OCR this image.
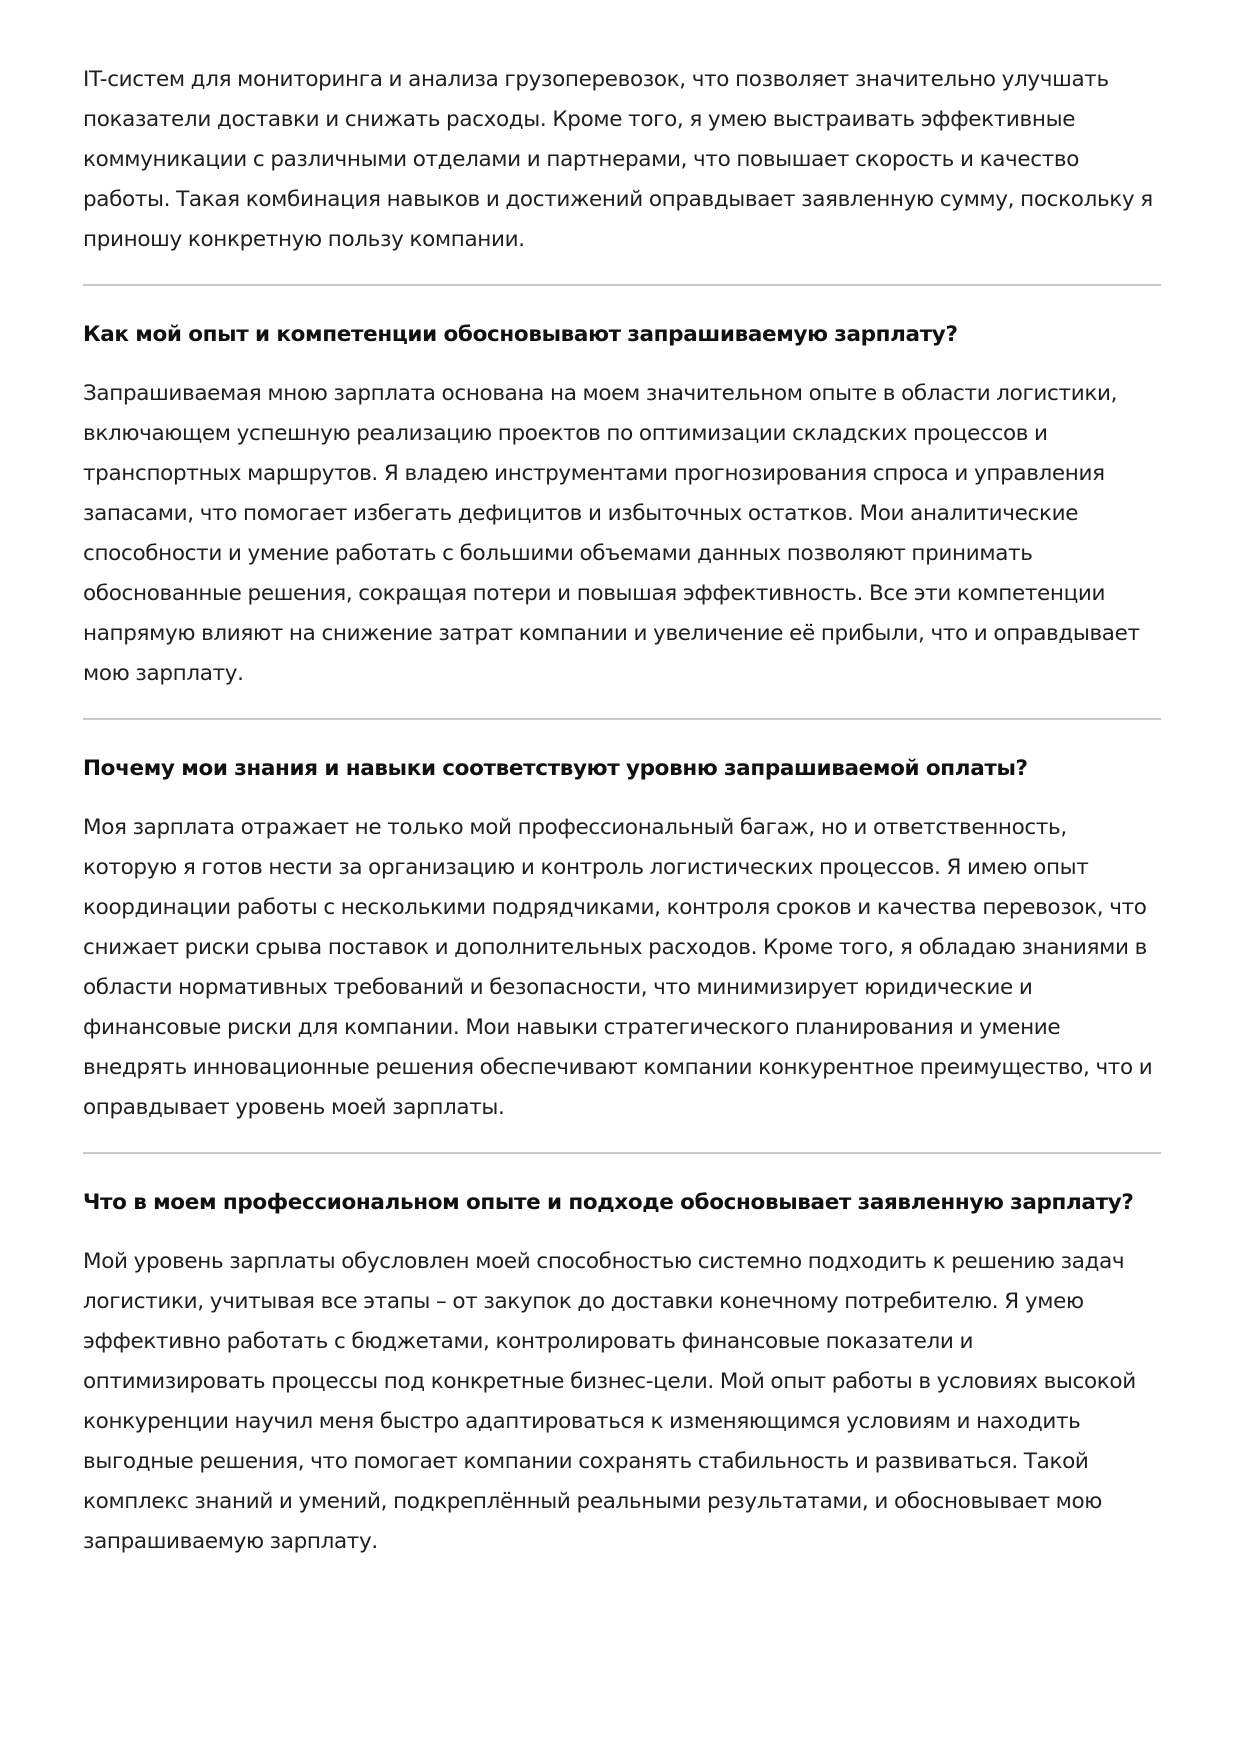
IT-систем для мониторинга и анализа грузоперевозок, что позволяет значительно улучшать показатели доставки и снижать расходы. Кроме того, я умею выстраивать эффективные коммуникации с различными отделами и партнерами, что повышает скорость и качество работы. Такая комбинация навыков и достижений оправдывает заявленную сумму, поскольку я приношу конкретную пользу компании.

Как мой опыт и компетенции обосновывают запрашиваемую зарплату?

Запрашиваемая мною зарплата основана на моем значительном опыте в области логистики, включающем успешную реализацию проектов по оптимизации складских процессов и транспортных маршрутов. Я владею инструментами прогнозирования спроса и управления запасами, что помогает избегать дефицитов и избыточных остатков. Мои аналитические способности и умение работать с большими объемами данных позволяют принимать обоснованные решения, сокращая потери и повышая эффективность. Все эти компетенции напрямую влияют на снижение затрат компании и увеличение её прибыли, что и оправдывает мою зарплату.

Почему мои знания и навыки соответствуют уровню запрашиваемой оплаты?

Моя зарплата отражает не только мой профессиональный багаж, но и ответственность, которую я готов нести за организацию и контроль логистических процессов. Я имею опыт координации работы с несколькими подрядчиками, контроля сроков и качества перевозок, что снижает риски срыва поставок и дополнительных расходов. Кроме того, я обладаю знаниями в области нормативных требований и безопасности, что минимизирует юридические и финансовые риски для компании. Мои навыки стратегического планирования и умение внедрять инновационные решения обеспечивают компании конкурентное преимущество, что и оправдывает уровень моей зарплаты.

Что в моем профессиональном опыте и подходе обосновывает заявленную зарплату?

Мой уровень зарплаты обусловлен моей способностью системно подходить к решению задач логистики, учитывая все этапы – от закупок до доставки конечному потребителю. Я умею эффективно работать с бюджетами, контролировать финансовые показатели и оптимизировать процессы под конкретные бизнес-цели. Мой опыт работы в условиях высокой конкуренции научил меня быстро адаптироваться к изменяющимся условиям и находить выгодные решения, что помогает компании сохранять стабильность и развиваться. Такой комплекс знаний и умений, подкреплённый реальными результатами, и обосновывает мою запрашиваемую зарплату.
